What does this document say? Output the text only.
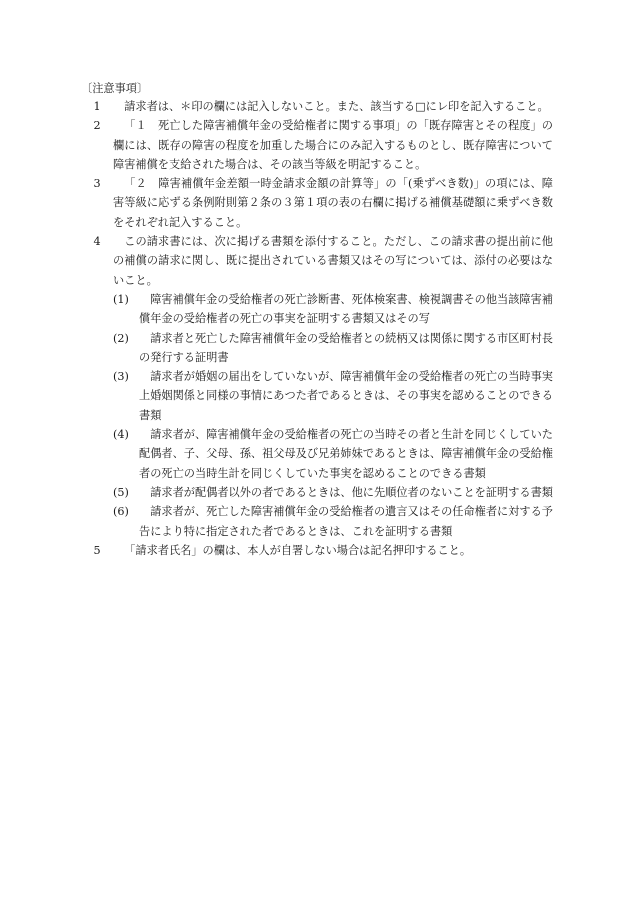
〔注意事項〕
1	請求者は、＊印の欄には記入しないこと。また、該当する□にレ印を記入すること。
2	「１　死亡した障害補償年金の受給権者に関する事項」の「既存障害とその程度」の欄には、既存の障害の程度を加重した場合にのみ記入するものとし、既存障害について障害補償を支給された場合は、その該当等級を明記すること。
3	「２　障害補償年金差額一時金請求金額の計算等」の「(乗ずべき数)」の項には、障害等級に応ずる条例附則第２条の３第１項の表の右欄に掲げる補償基礎額に乗ずべき数をそれぞれ記入すること。
4	この請求書には、次に掲げる書類を添付すること。ただし、この請求書の提出前に他の補償の請求に関し、既に提出されている書類又はその写については、添付の必要はないこと。
(1)	障害補償年金の受給権者の死亡診断書、死体検案書、検視調書その他当該障害補償年金の受給権者の死亡の事実を証明する書類又はその写
(2)	請求者と死亡した障害補償年金の受給権者との続柄又は関係に関する市区町村長の発行する証明書
(3)	請求者が婚姻の届出をしていないが、障害補償年金の受給権者の死亡の当時事実上婚姻関係と同様の事情にあつた者であるときは、その事実を認めることのできる書類
(4)	請求者が、障害補償年金の受給権者の死亡の当時その者と生計を同じくしていた配偶者、子、父母、孫、祖父母及び兄弟姉妹であるときは、障害補償年金の受給権者の死亡の当時生計を同じくしていた事実を認めることのできる書類
(5)	請求者が配偶者以外の者であるときは、他に先順位者のないことを証明する書類
(6)	請求者が、死亡した障害補償年金の受給権者の遺言又はその任命権者に対する予告により特に指定された者であるときは、これを証明する書類
5	「請求者氏名」の欄は、本人が自署しない場合は記名押印すること。
